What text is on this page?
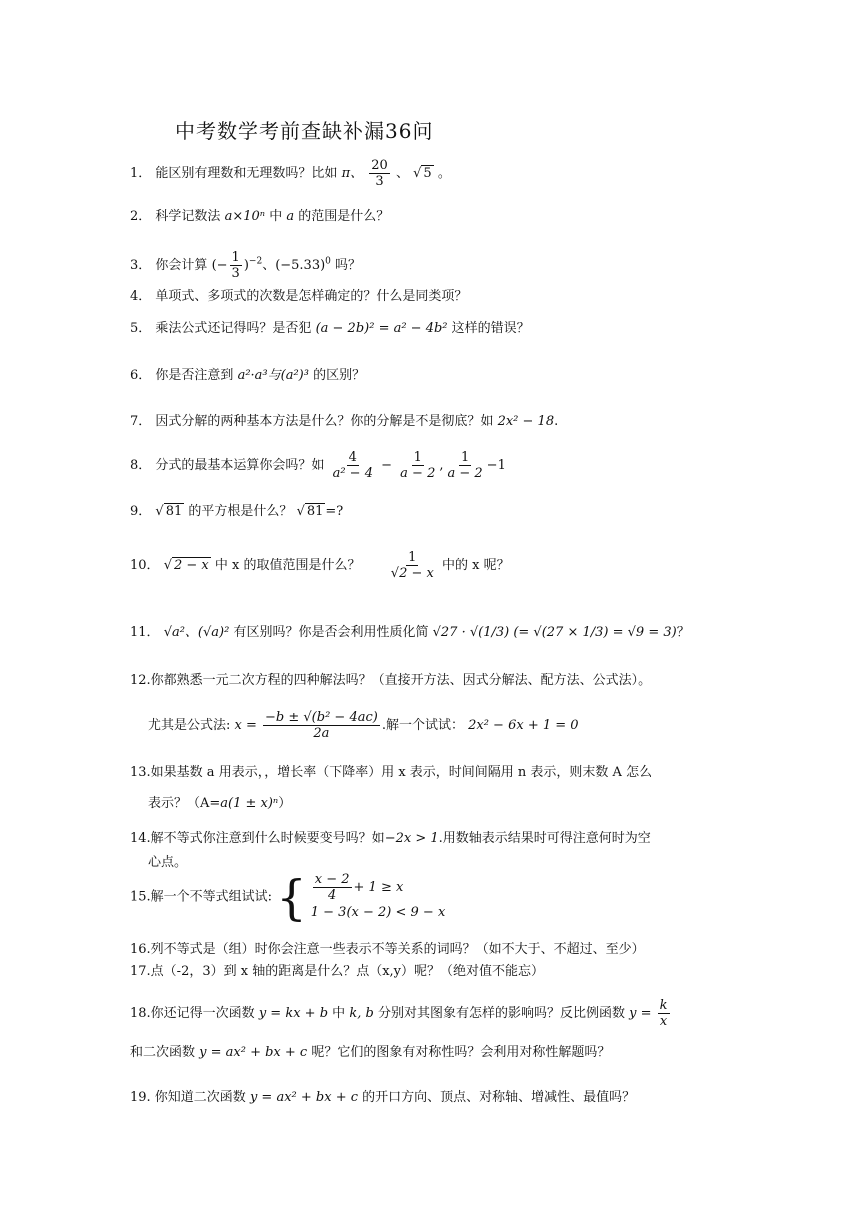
中考数学考前查缺补漏36问
1． 能区别有理数和无理数吗？比如 π、 $\frac{20}{3}$ 、 √ 5 。
2． 科学记数法 a×10ⁿ 中 a 的范围是什么？
3． 你会计算 (− $\frac{1}{3} )^{-2}$、$(-5.33)^0$ 吗？
4． 单项式、多项式的次数是怎样确定的？什么是同类项？
5． 乘法公式还记得吗？是否犯 (a − 2b)² = a² − 4b² 这样的错误？
6． 你是否注意到 a²·a³与(a²)³ 的区别？
7． 因式分解的两种基本方法是什么？你的分解是不是彻底？如 2x² − 18.
8． 分式的最基本运算你会吗？如 $\frac{4}{\text{a² − 4}} - \frac{1}{a - 2}$ , $\frac{1}{a - 2} -1$
9． √ 81 的平方根是什么？ √ 81 =?
10． √ 2 − x 中 x 的取值范围是什么？ $\frac{1}{√2 - x}$ 中的 x 呢？
11． √a²、(√a)² 有区别吗？你是否会利用性质化简 √27 · √(1/3) (= √(27 × 1/3) = √9 = 3)？
12.你都熟悉一元二次方程的四种解法吗？（直接开方法、因式分解法、配方法、公式法）。
尤其是公式法: $x = \frac{\text{−b ± √(b² − 4ac)}}{2a}$ .解一个试试： 2x² − 6x + 1 = 0
13.如果基数 a 用表示，，增长率（下降率）用 x 表示，时间间隔用 n 表示，则末数 A 怎么
表示？（A=a(1 ± x)ⁿ）
14.解不等式你注意到什么时候要变号吗？如−2x > 1.用数轴表示结果时可得注意何时为空
心点。
15.解一个不等式组试试: { $\frac{x - 2}{4} + 1 \ge x$
1 − 3(x − 2) < 9 − x
16.列不等式是（组）时你会注意一些表示不等关系的词吗？（如不大于、不超过、至少）
17.点（-2，3）到 x 轴的距离是什么？点（x,y）呢？（绝对值不能忘）
18.你还记得一次函数 y = kx + b 中 k, b 分别对其图象有怎样的影响吗？反比例函数 $y = \frac{k}{x}$
和二次函数 y = ax² + bx + c 呢？它们的图象有对称性吗？会利用对称性解题吗？
19. 你知道二次函数 y = ax² + bx + c 的开口方向、顶点、对称轴、增减性、最值吗？
